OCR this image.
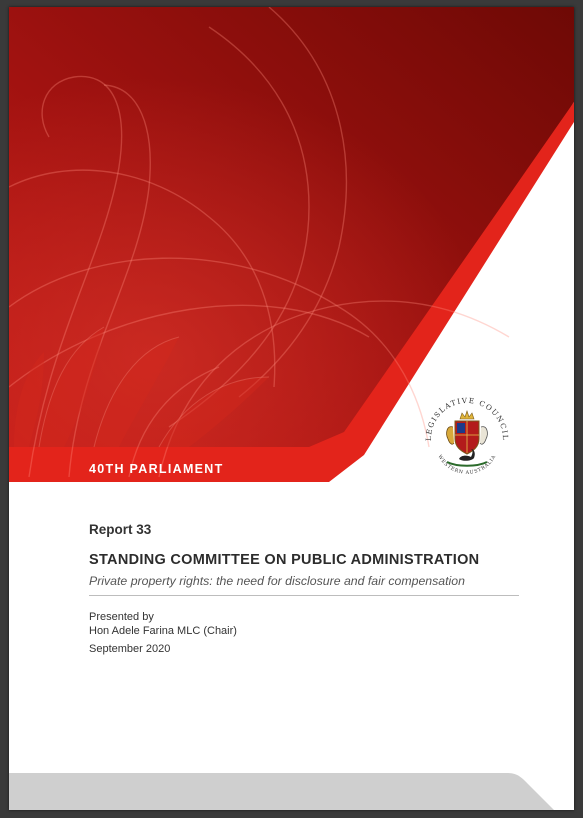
40TH PARLIAMENT
LEGISLATIVE COUNCIL
WESTERN AUSTRALIA
Report 33
STANDING COMMITTEE ON PUBLIC ADMINISTRATION
Private property rights: the need for disclosure and fair compensation
Presented by
Hon Adele Farina MLC (Chair)
September 2020
